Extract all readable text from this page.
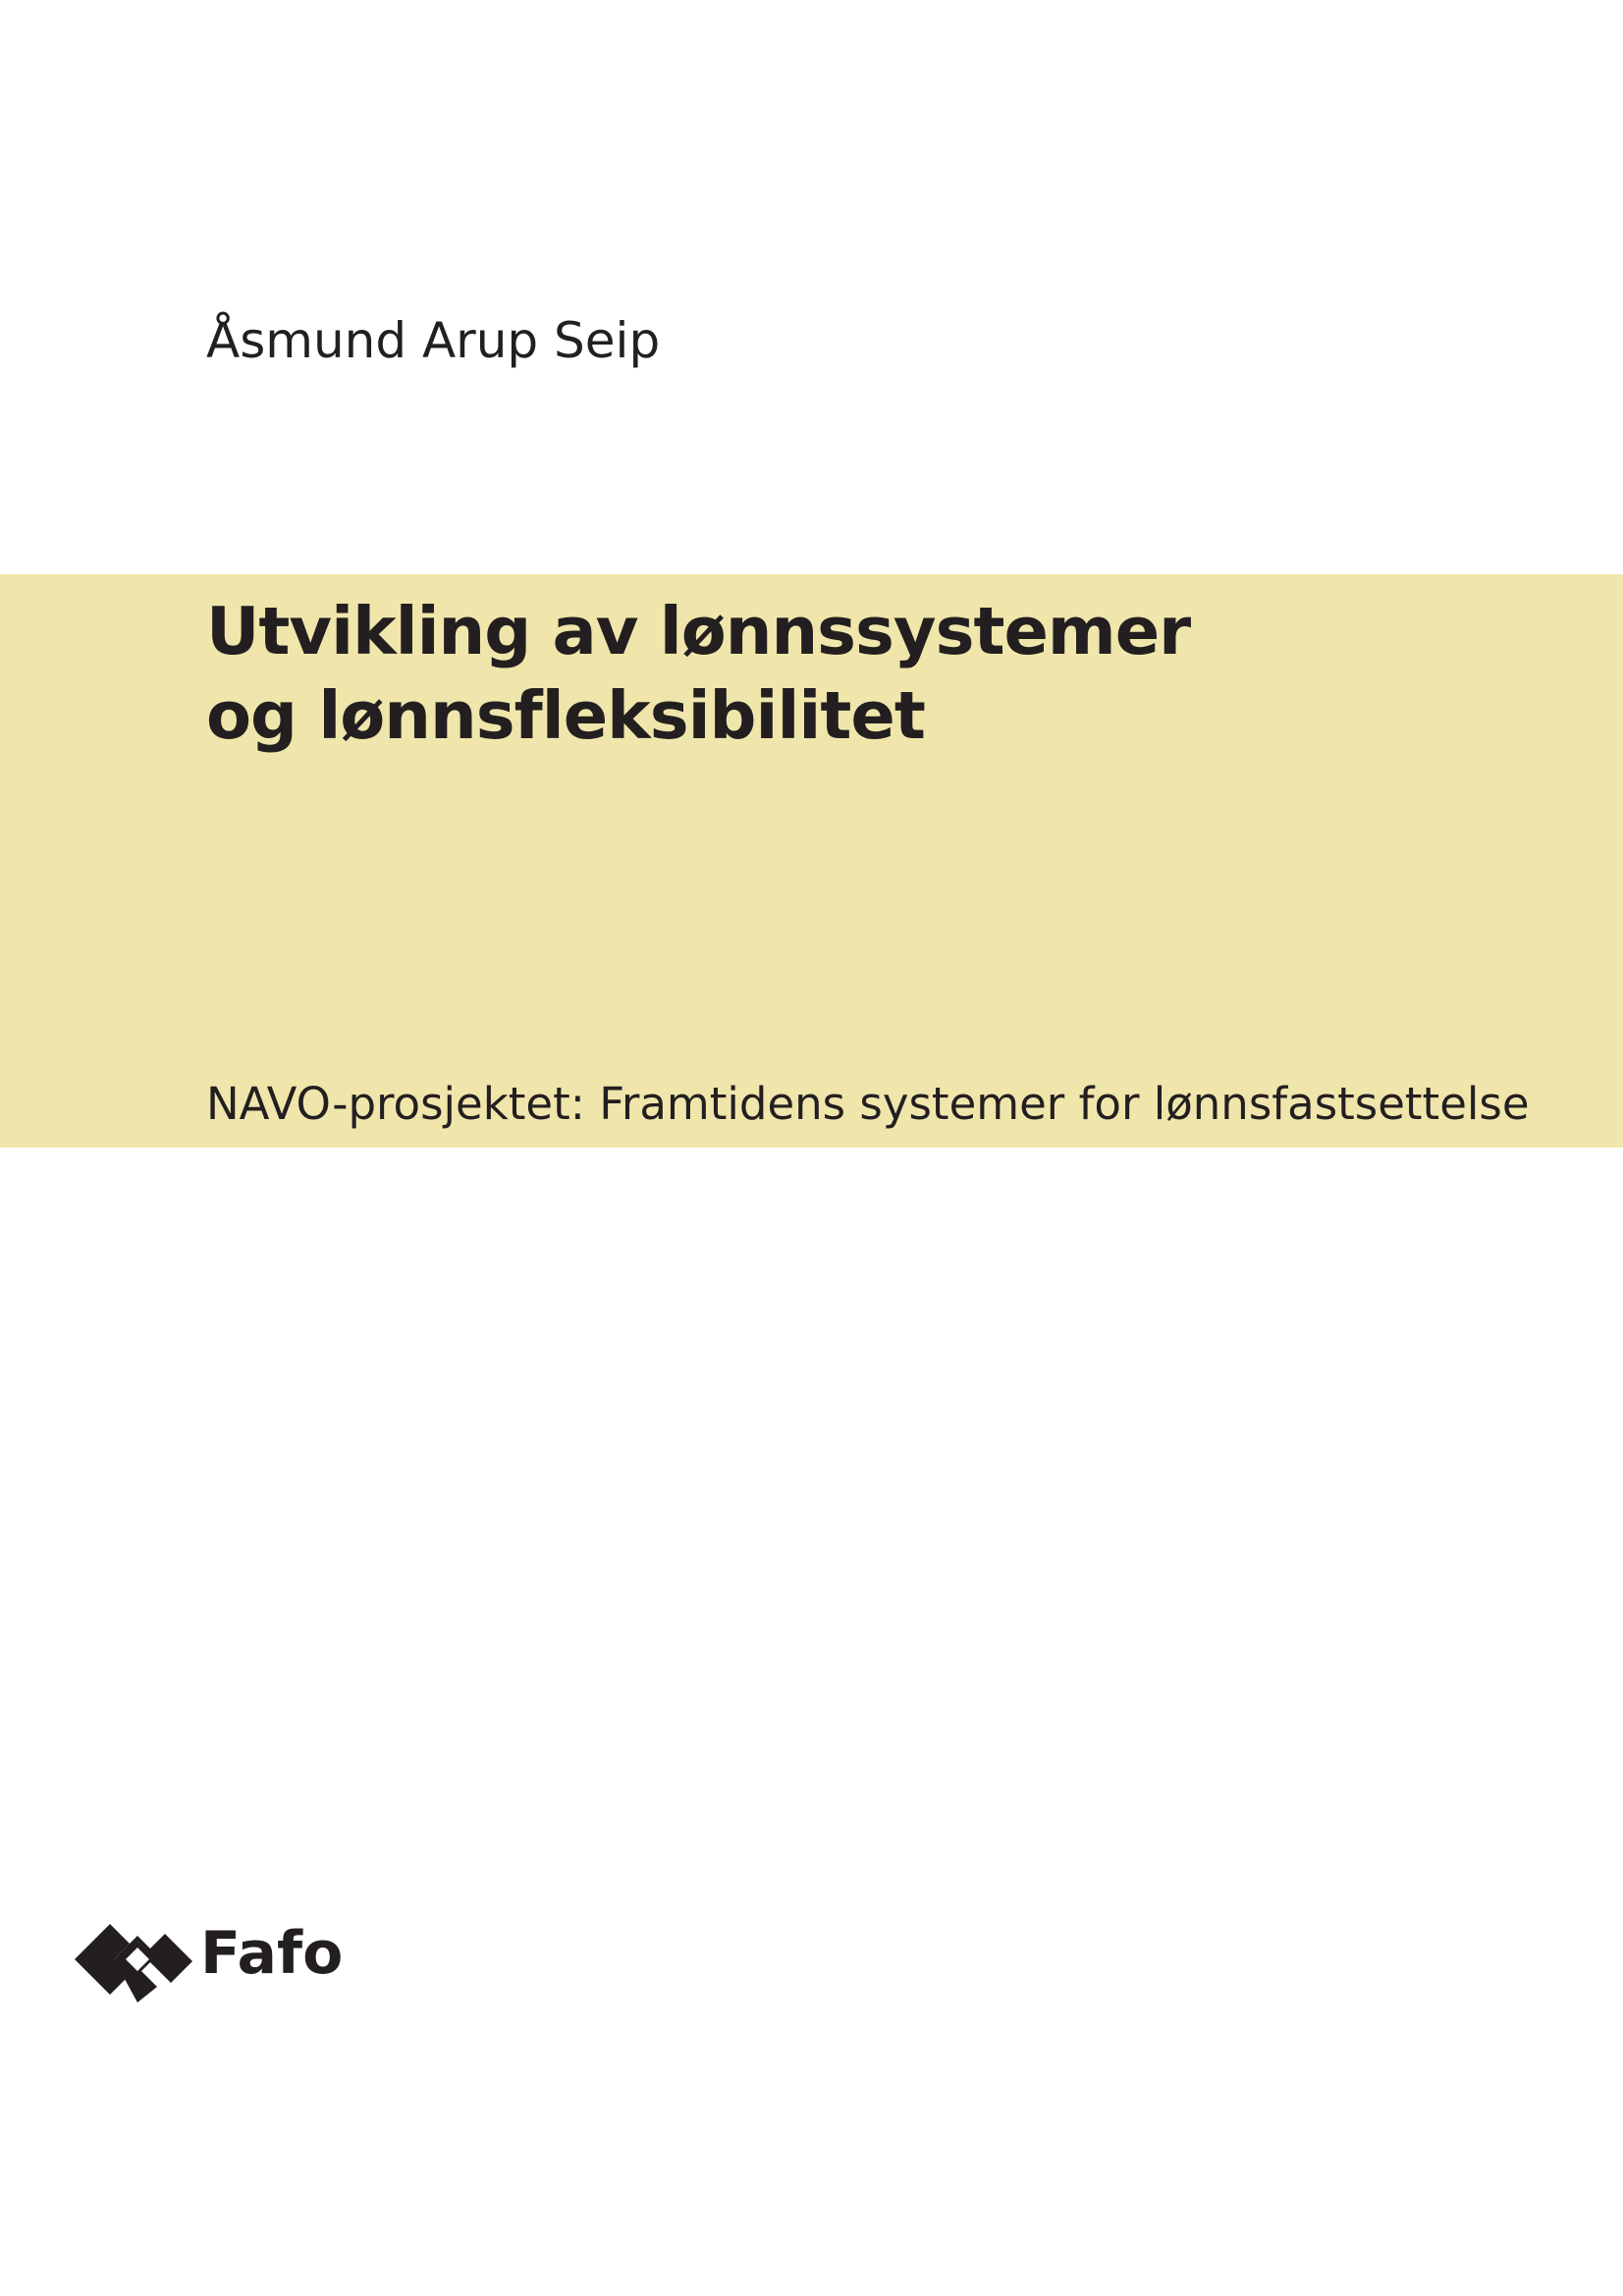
Åsmund Arup Seip
Utvikling av lønnssystemer
og lønnsfleksibilitet
NAVO-prosjektet: Framtidens systemer for lønnsfastsettelse
Fafo
